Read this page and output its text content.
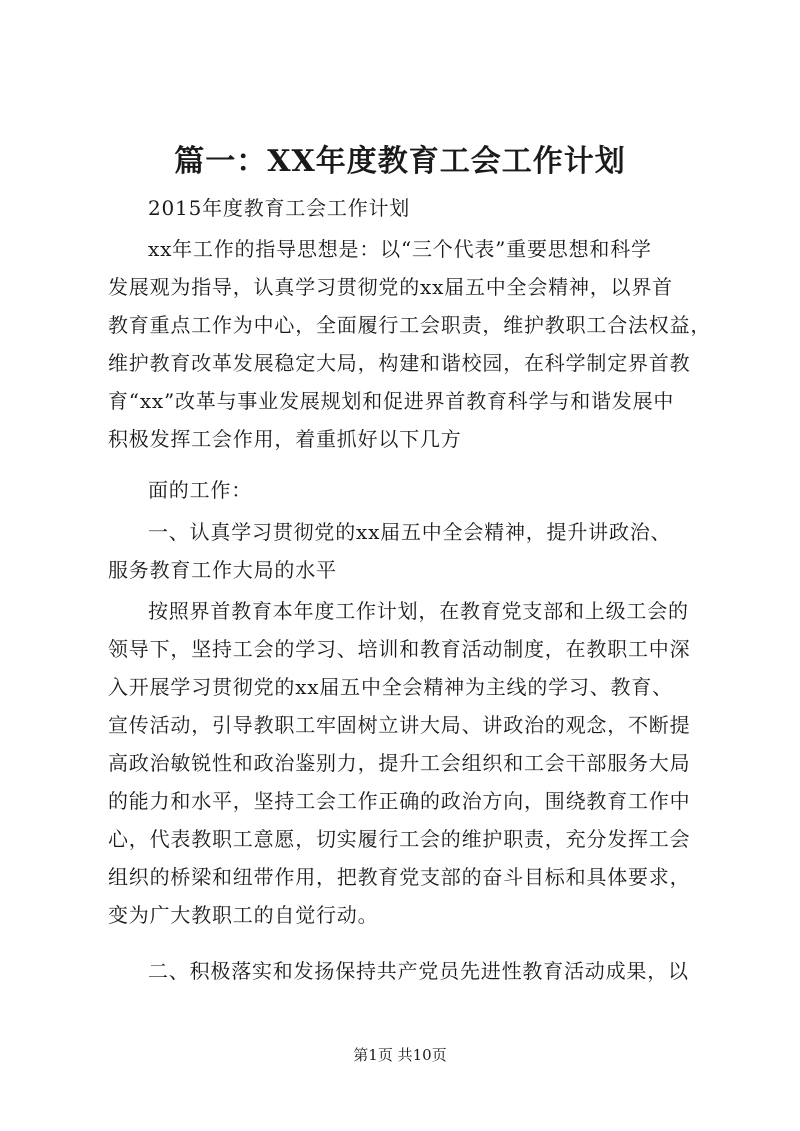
篇一：XX年度教育工会工作计划
2015年度教育工会工作计划
xx年工作的指导思想是：以“三个代表”重要思想和科学
发展观为指导，认真学习贯彻党的xx届五中全会精神，以界首
教育重点工作为中心，全面履行工会职责，维护教职工合法权益，
维护教育改革发展稳定大局，构建和谐校园，在科学制定界首教
育“xx”改革与事业发展规划和促进界首教育科学与和谐发展中
积极发挥工会作用，着重抓好以下几方
面的工作：
一、认真学习贯彻党的xx届五中全会精神，提升讲政治、
服务教育工作大局的水平
按照界首教育本年度工作计划，在教育党支部和上级工会的
领导下，坚持工会的学习、培训和教育活动制度，在教职工中深
入开展学习贯彻党的xx届五中全会精神为主线的学习、教育、
宣传活动，引导教职工牢固树立讲大局、讲政治的观念，不断提
高政治敏锐性和政治鉴别力，提升工会组织和工会干部服务大局
的能力和水平，坚持工会工作正确的政治方向，围绕教育工作中
心，代表教职工意愿，切实履行工会的维护职责，充分发挥工会
组织的桥梁和纽带作用，把教育党支部的奋斗目标和具体要求，
变为广大教职工的自觉行动。
二、积极落实和发扬保持共产党员先进性教育活动成果，以
第1页 共10页
